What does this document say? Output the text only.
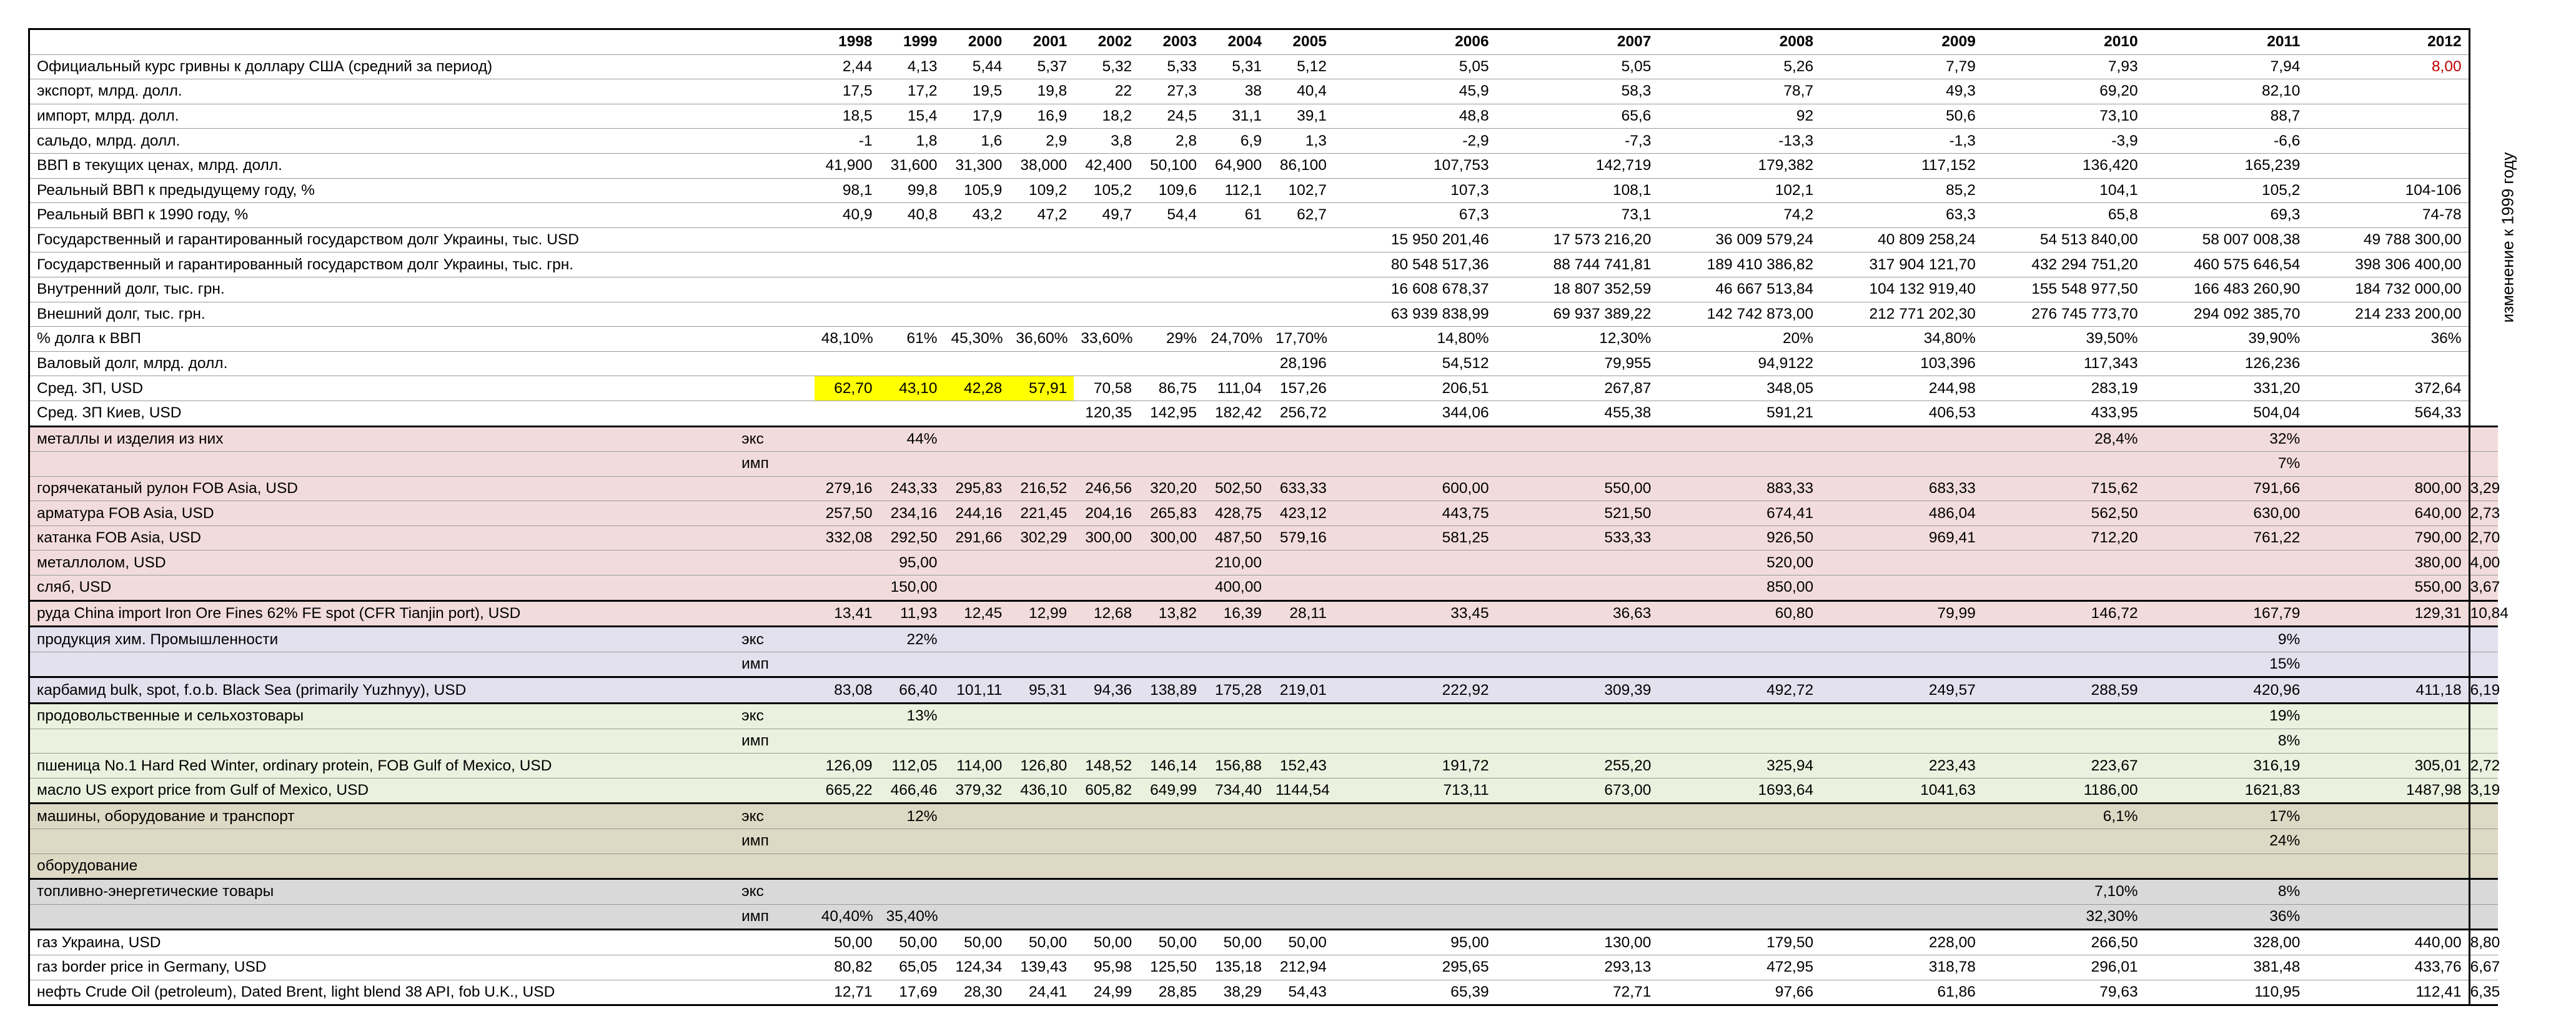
		1998	1999	2000	2001	2002	2003	2004	2005	2006	2007	2008	2009	2010	2011	2012	
Официальный курс гривны к доллару США (средний за период)		2,44	4,13	5,44	5,37	5,32	5,33	5,31	5,12	5,05	5,05	5,26	7,79	7,93	7,94	8,00	
экспорт, млрд. долл.		17,5	17,2	19,5	19,8	22	27,3	38	40,4	45,9	58,3	78,7	49,3	69,20	82,10		
импорт, млрд. долл.		18,5	15,4	17,9	16,9	18,2	24,5	31,1	39,1	48,8	65,6	92	50,6	73,10	88,7		
сальдо, млрд. долл.		-1	1,8	1,6	2,9	3,8	2,8	6,9	1,3	-2,9	-7,3	-13,3	-1,3	-3,9	-6,6		
ВВП в текущих ценах, млрд. долл.		41,900	31,600	31,300	38,000	42,400	50,100	64,900	86,100	107,753	142,719	179,382	117,152	136,420	165,239		
Реальный ВВП к предыдущему году, %		98,1	99,8	105,9	109,2	105,2	109,6	112,1	102,7	107,3	108,1	102,1	85,2	104,1	105,2	104-106	
Реальный ВВП к 1990 году, %		40,9	40,8	43,2	47,2	49,7	54,4	61	62,7	67,3	73,1	74,2	63,3	65,8	69,3	74-78	
Государственный и гарантированный государством долг Украины, тыс. USD										15 950 201,46	17 573 216,20	36 009 579,24	40 809 258,24	54 513 840,00	58 007 008,38	49 788 300,00	
Государственный и гарантированный государством долг Украины, тыс. грн.										80 548 517,36	88 744 741,81	189 410 386,82	317 904 121,70	432 294 751,20	460 575 646,54	398 306 400,00	
Внутренний долг, тыс. грн.										16 608 678,37	18 807 352,59	46 667 513,84	104 132 919,40	155 548 977,50	166 483 260,90	184 732 000,00	
Внешний долг, тыс. грн.										63 939 838,99	69 937 389,22	142 742 873,00	212 771 202,30	276 745 773,70	294 092 385,70	214 233 200,00	
% долга к ВВП		48,10%	61%	45,30%	36,60%	33,60%	29%	24,70%	17,70%	14,80%	12,30%	20%	34,80%	39,50%	39,90%	36%	
Валовый долг, млрд. долл.									28,196	54,512	79,955	94,9122	103,396	117,343	126,236		
Сред. ЗП, USD		62,70	43,10	42,28	57,91	70,58	86,75	111,04	157,26	206,51	267,87	348,05	244,98	283,19	331,20	372,64	
Сред. ЗП Киев, USD						120,35	142,95	182,42	256,72	344,06	455,38	591,21	406,53	433,95	504,04	564,33	
металлы и изделия из них	экс		44%											28,4%	32%		
	имп														7%		
горячекатаный рулон FOB Asia, USD		279,16	243,33	295,83	216,52	246,56	320,20	502,50	633,33	600,00	550,00	883,33	683,33	715,62	791,66	800,00	3,29
арматура FOB Asia, USD		257,50	234,16	244,16	221,45	204,16	265,83	428,75	423,12	443,75	521,50	674,41	486,04	562,50	630,00	640,00	2,73
катанка FOB Asia, USD		332,08	292,50	291,66	302,29	300,00	300,00	487,50	579,16	581,25	533,33	926,50	969,41	712,20	761,22	790,00	2,70
металлолом, USD			95,00					210,00				520,00				380,00	4,00
сляб, USD			150,00					400,00				850,00				550,00	3,67
руда China import Iron Ore Fines 62% FE spot (CFR Tianjin port), USD		13,41	11,93	12,45	12,99	12,68	13,82	16,39	28,11	33,45	36,63	60,80	79,99	146,72	167,79	129,31	10,84
продукция хим. Промышленности	экс		22%												9%		
	имп														15%		
карбамид bulk, spot, f.o.b. Black Sea (primarily Yuzhnyy), USD		83,08	66,40	101,11	95,31	94,36	138,89	175,28	219,01	222,92	309,39	492,72	249,57	288,59	420,96	411,18	6,19
продовольственные и сельхозтовары	экс		13%												19%		
	имп														8%		
пшеница No.1 Hard Red Winter, ordinary protein, FOB Gulf of Mexico, USD		126,09	112,05	114,00	126,80	148,52	146,14	156,88	152,43	191,72	255,20	325,94	223,43	223,67	316,19	305,01	2,72
масло US export price from Gulf of Mexico, USD		665,22	466,46	379,32	436,10	605,82	649,99	734,40	1144,54	713,11	673,00	1693,64	1041,63	1186,00	1621,83	1487,98	3,19
машины, оборудование и транспорт	экс		12%											6,1%	17%		
	имп														24%		
оборудование																	
топливно-энергетические товары	экс													7,10%	8%		
	имп	40,40%	35,40%											32,30%	36%		
газ Украина, USD		50,00	50,00	50,00	50,00	50,00	50,00	50,00	50,00	95,00	130,00	179,50	228,00	266,50	328,00	440,00	8,80
газ border price in Germany, USD		80,82	65,05	124,34	139,43	95,98	125,50	135,18	212,94	295,65	293,13	472,95	318,78	296,01	381,48	433,76	6,67
нефть Crude Oil (petroleum), Dated Brent, light blend 38 API, fob U.K., USD		12,71	17,69	28,30	24,41	24,99	28,85	38,29	54,43	65,39	72,71	97,66	61,86	79,63	110,95	112,41	6,35
изменение к 1999 году
